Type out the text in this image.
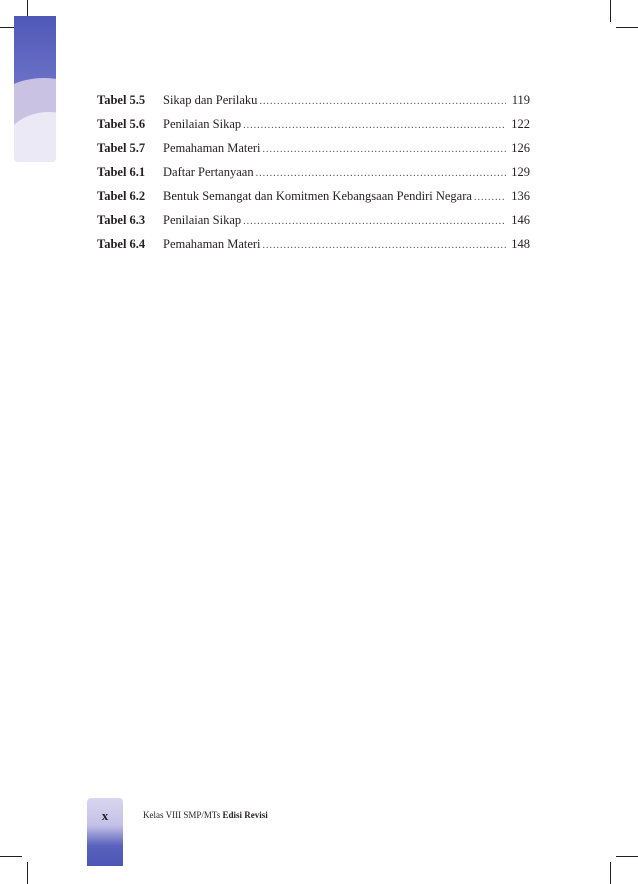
Tabel 5.5	Sikap dan Perilaku .....	119
Tabel 5.6	Penilaian Sikap .....	122
Tabel 5.7	Pemahaman Materi .....	126
Tabel 6.1	Daftar Pertanyaan .....	129
Tabel 6.2	Bentuk Semangat dan Komitmen Kebangsaan Pendiri Negara .....	136
Tabel 6.3	Penilaian Sikap .....	146
Tabel 6.4	Pemahaman Materi .....	148
x	Kelas VIII SMP/MTs Edisi Revisi
